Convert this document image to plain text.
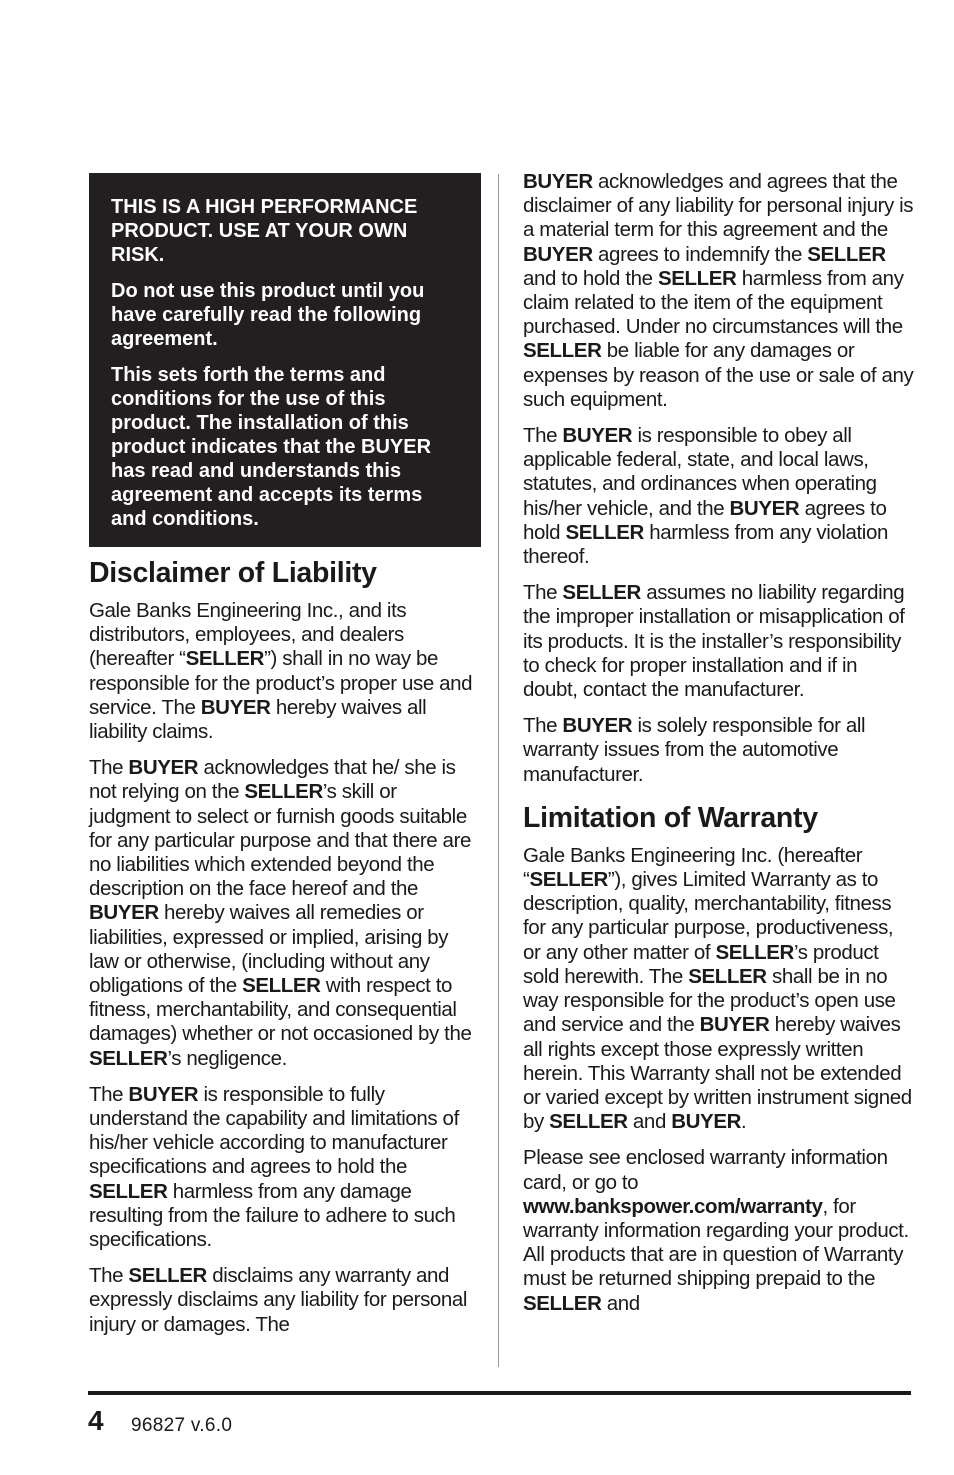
THIS IS A HIGH PERFORMANCE PRODUCT. USE AT YOUR OWN RISK.

Do not use this product until you have carefully read the following agreement.

This sets forth the terms and conditions for the use of this product. The installation of this product indicates that the BUYER has read and understands this agreement and accepts its terms and conditions.

Disclaimer of Liability

Gale Banks Engineering Inc., and its distributors, employees, and dealers (hereafter “SELLER”) shall in no way be responsible for the product’s proper use and service. The BUYER hereby waives all liability claims.

The BUYER acknowledges that he/ she is not relying on the SELLER’s skill or judgment to select or furnish goods suitable for any particular purpose and that there are no liabilities which extended beyond the description on the face hereof and the BUYER hereby waives all remedies or liabilities, expressed or implied, arising by law or otherwise, (including without any obligations of the SELLER with respect to fitness, merchantability, and consequential damages) whether or not occasioned by the SELLER’s negligence.

The BUYER is responsible to fully understand the capability and limitations of his/her vehicle according to manufacturer specifications and agrees to hold the SELLER harmless from any damage resulting from the failure to adhere to such specifications.

The SELLER disclaims any warranty and expressly disclaims any liability for personal injury or damages. The

BUYER acknowledges and agrees that the disclaimer of any liability for personal injury is a material term for this agreement and the BUYER agrees to indemnify the SELLER and to hold the SELLER harmless from any claim related to the item of the equipment purchased. Under no circumstances will the SELLER be liable for any damages or expenses by reason of the use or sale of any such equipment.

The BUYER is responsible to obey all applicable federal, state, and local laws, statutes, and ordinances when operating his/her vehicle, and the BUYER agrees to hold SELLER harmless from any violation thereof.

The SELLER assumes no liability regarding the improper installation or misapplication of its products. It is the installer’s responsibility to check for proper installation and if in doubt, contact the manufacturer.

The BUYER is solely responsible for all warranty issues from the automotive manufacturer.

Limitation of Warranty

Gale Banks Engineering Inc. (hereafter “SELLER”), gives Limited Warranty as to description, quality, merchantability, fitness for any particular purpose, productiveness, or any other matter of SELLER’s product sold herewith. The SELLER shall be in no way responsible for the product’s open use and service and the BUYER hereby waives all rights except those expressly written herein. This Warranty shall not be extended or varied except by written instrument signed by SELLER and BUYER.

Please see enclosed warranty information card, or go to www.bankspower.com/warranty, for warranty information regarding your product. All products that are in question of Warranty must be returned shipping prepaid to the SELLER and

4 96827 v.6.0
